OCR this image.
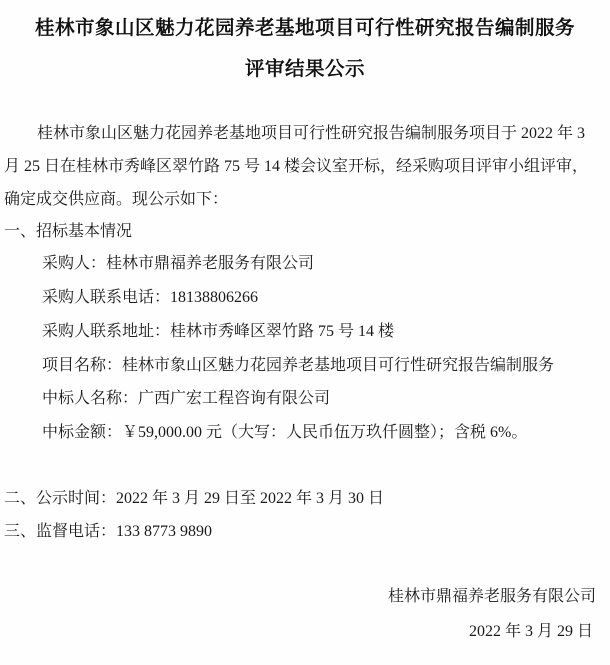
桂林市象山区魅力花园养老基地项目可行性研究报告编制服务
评审结果公示
桂林市象山区魅力花园养老基地项目可行性研究报告编制服务项目于 2022 年 3
月 25 日在桂林市秀峰区翠竹路 75 号 14 楼会议室开标，经采购项目评审小组评审，
确定成交供应商。现公示如下：
一、招标基本情况
采购人：桂林市鼎福养老服务有限公司
采购人联系电话：18138806266
采购人联系地址：桂林市秀峰区翠竹路 75 号 14 楼
项目名称：桂林市象山区魅力花园养老基地项目可行性研究报告编制服务
中标人名称：广西广宏工程咨询有限公司
中标金额：￥59,000.00 元（大写：人民币伍万玖仟圆整）；含税 6%。
二、公示时间：2022 年 3 月 29 日至 2022 年 3 月 30 日
三、监督电话：133 8773 9890
桂林市鼎福养老服务有限公司
2022 年 3 月 29 日
